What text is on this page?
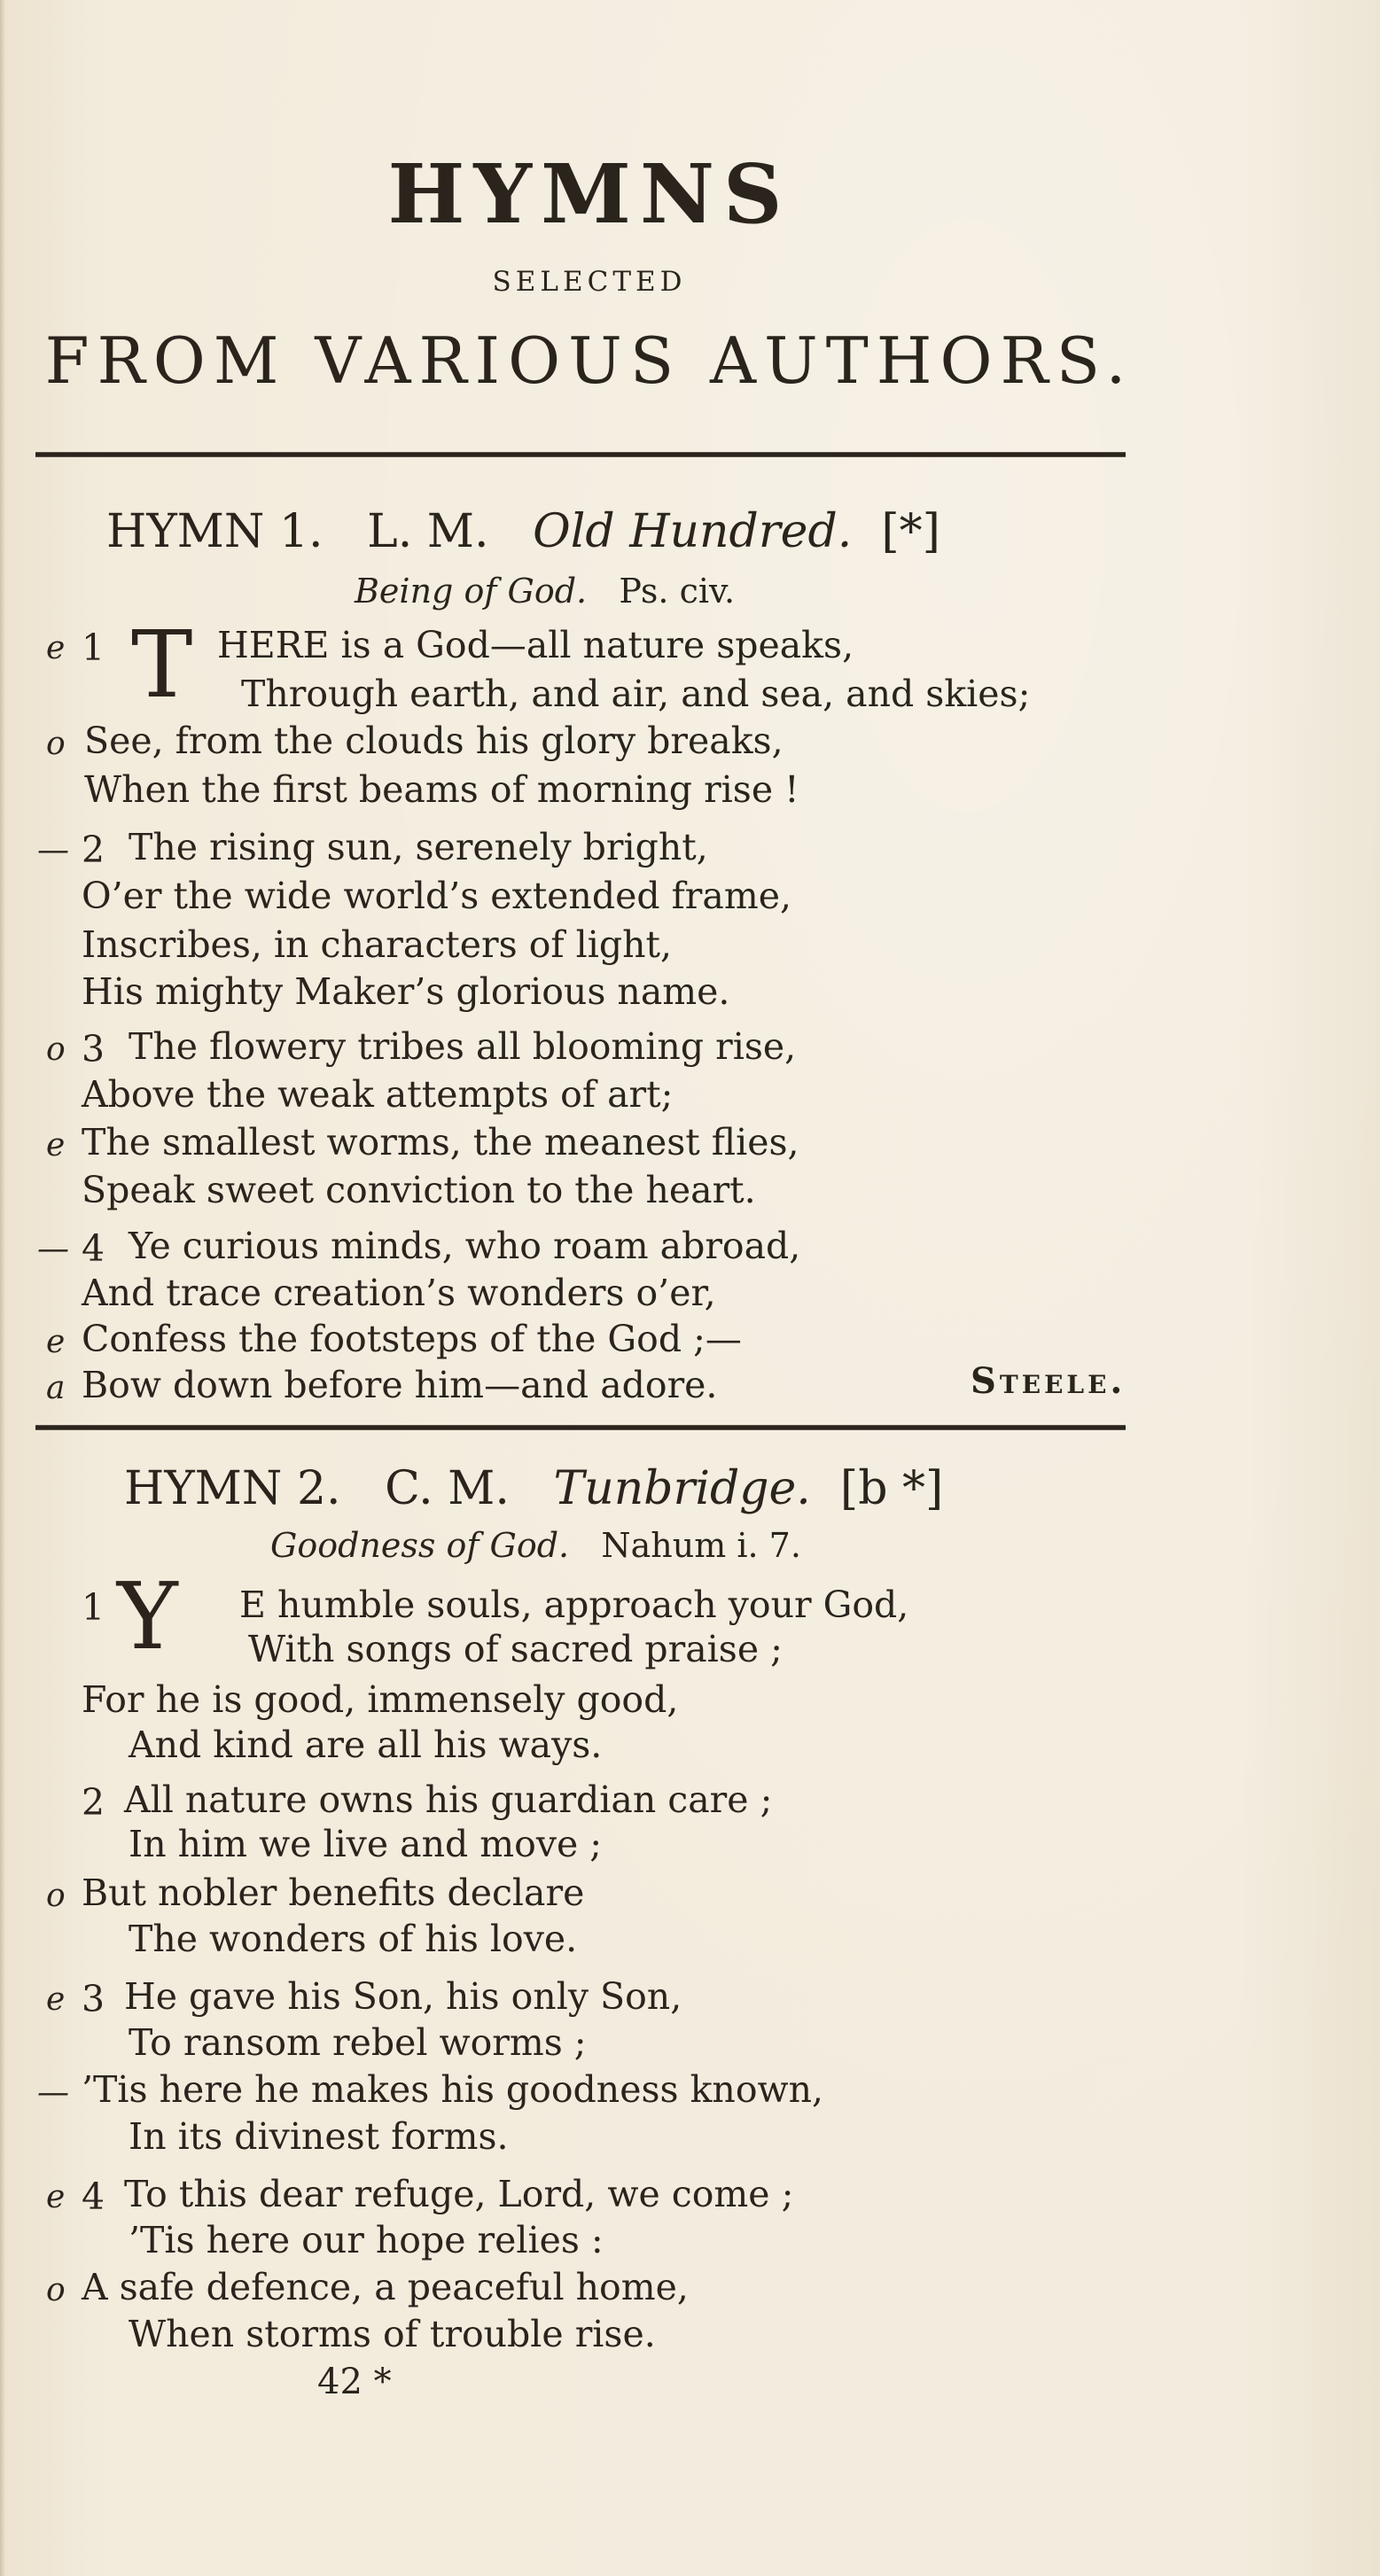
HYMNS
SELECTED
FROM VARIOUS AUTHORS.
HYMN 1. L. M. Old Hundred. [*]
Being of God. Ps. civ.
T
e 1	HERE is a God—all nature speaks,
Through earth, and air, and sea, and skies;
o See, from the clouds his glory breaks,
When the first beams of morning rise !
— 2 The rising sun, serenely bright,
O’er the wide world’s extended frame,
Inscribes, in characters of light,
His mighty Maker’s glorious name.
o 3 The flowery tribes all blooming rise,
Above the weak attempts of art;
e The smallest worms, the meanest flies,
Speak sweet conviction to the heart.
— 4 Ye curious minds, who roam abroad,
And trace creation’s wonders o’er,
e Confess the footsteps of the God ;—
a Bow down before him—and adore.	Steele.
HYMN 2. C. M. Tunbridge. [b *]
Goodness of God. Nahum i. 7.
Y
1	E humble souls, approach your God,
With songs of sacred praise ;
For he is good, immensely good,
And kind are all his ways.
2 All nature owns his guardian care ;
In him we live and move ;
o But nobler benefits declare
The wonders of his love.
e 3 He gave his Son, his only Son,
To ransom rebel worms ;
— ’Tis here he makes his goodness known,
In its divinest forms.
e 4 To this dear refuge, Lord, we come ;
’Tis here our hope relies :
o A safe defence, a peaceful home,
When storms of trouble rise.
42 *
